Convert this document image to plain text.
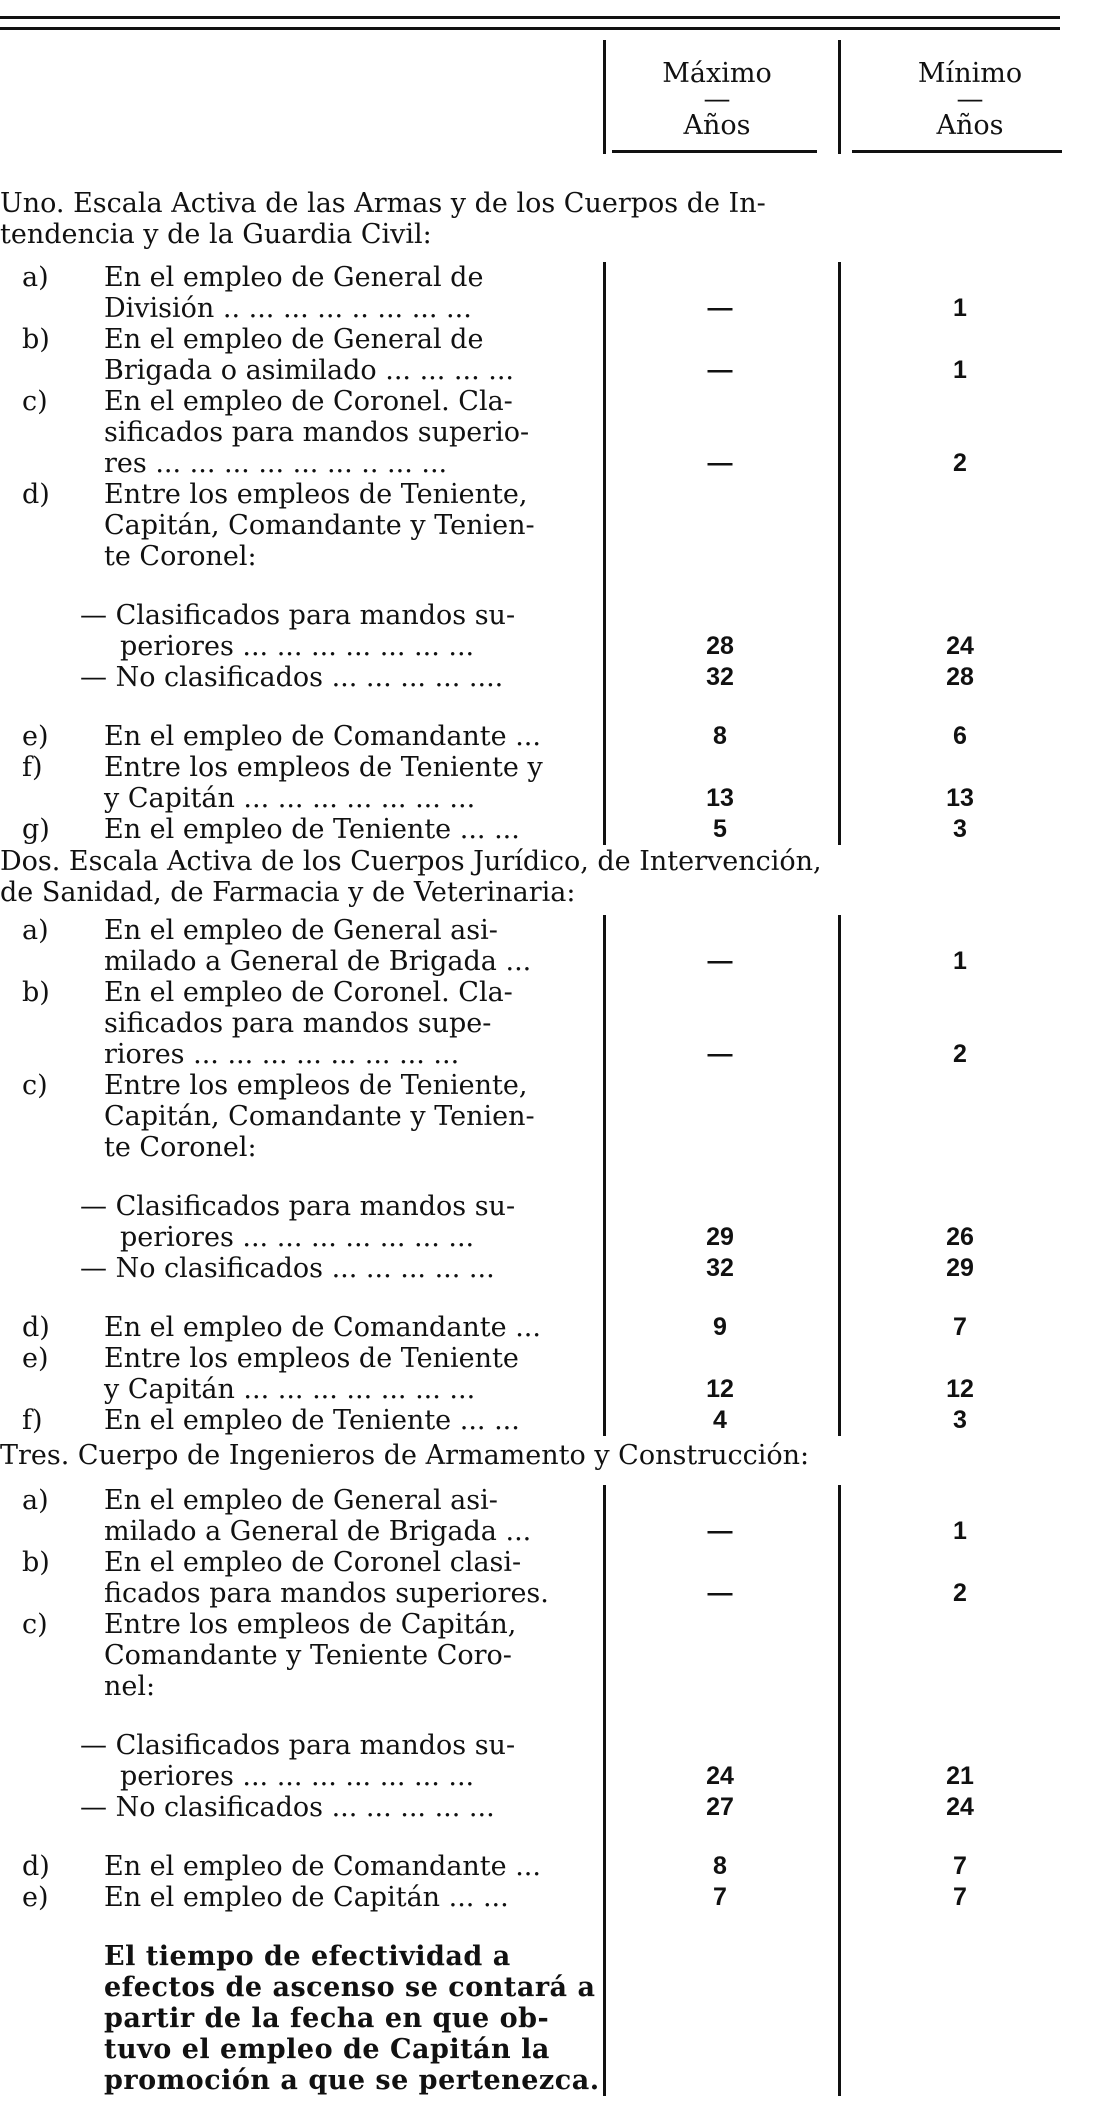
Máximo
—
Años
Mínimo
—
Años
Uno. Escala Activa de las Armas y de los Cuerpos de In-
tendencia y de la Guardia Civil:
a) En el empleo de General de
División .. ... ... ... .. ... ... ...	—	1
b) En el empleo de General de
Brigada o asimilado ... ... ... ...	—	1
c) En el empleo de Coronel. Cla-
sificados para mandos superio-
res ... ... ... ... ... ... .. ... ...	—	2
d) Entre los empleos de Teniente,
Capitán, Comandante y Tenien-
te Coronel:
— Clasificados para mandos su-
periores ... ... ... ... ... ... ...	28	24
— No clasificados ... ... ... ... ....	32	28
e) En el empleo de Comandante ...	8	6
f) Entre los empleos de Teniente y
y Capitán ... ... ... ... ... ... ...	13	13
g) En el empleo de Teniente ... ...	5	3
Dos. Escala Activa de los Cuerpos Jurídico, de Intervención,
de Sanidad, de Farmacia y de Veterinaria:
a) En el empleo de General asi-
milado a General de Brigada ...	—	1
b) En el empleo de Coronel. Cla-
sificados para mandos supe-
riores ... ... ... ... ... ... ... ...	—	2
c) Entre los empleos de Teniente,
Capitán, Comandante y Tenien-
te Coronel:
— Clasificados para mandos su-
periores ... ... ... ... ... ... ...	29	26
— No clasificados ... ... ... ... ...	32	29
d) En el empleo de Comandante ...	9	7
e) Entre los empleos de Teniente
y Capitán ... ... ... ... ... ... ...	12	12
f) En el empleo de Teniente ... ...	4	3
Tres. Cuerpo de Ingenieros de Armamento y Construcción:
a) En el empleo de General asi-
milado a General de Brigada ...	—	1
b) En el empleo de Coronel clasi-
ficados para mandos superiores.	—	2
c) Entre los empleos de Capitán,
Comandante y Teniente Coro-
nel:
— Clasificados para mandos su-
periores ... ... ... ... ... ... ...	24	21
— No clasificados ... ... ... ... ...	27	24
d) En el empleo de Comandante ...	8	7
e) En el empleo de Capitán ... ...	7	7
El tiempo de efectividad a
efectos de ascenso se contará a
partir de la fecha en que ob-
tuvo el empleo de Capitán la
promoción a que se pertenezca.
